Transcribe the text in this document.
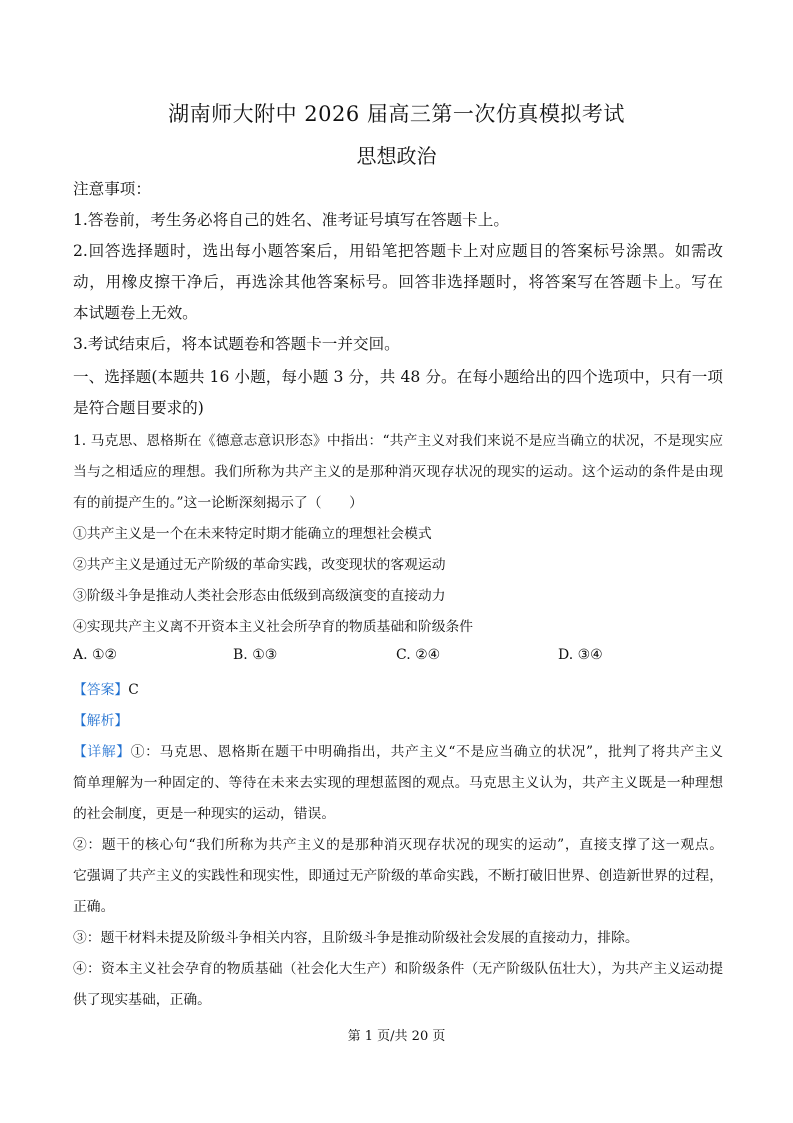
湖南师大附中 2026 届高三第一次仿真模拟考试
思想政治
注意事项：
1.答卷前，考生务必将自己的姓名、准考证号填写在答题卡上。
2.回答选择题时，选出每小题答案后，用铅笔把答题卡上对应题目的答案标号涂黑。如需改
动，用橡皮擦干净后，再选涂其他答案标号。回答非选择题时，将答案写在答题卡上。写在
本试题卷上无效。
3.考试结束后，将本试题卷和答题卡一并交回。
一、选择题(本题共 16 小题，每小题 3 分，共 48 分。在每小题给出的四个选项中，只有一项
是符合题目要求的)
1. 马克思、恩格斯在《德意志意识形态》中指出：“共产主义对我们来说不是应当确立的状况，不是现实应
当与之相适应的理想。我们所称为共产主义的是那种消灭现存状况的现实的运动。这个运动的条件是由现
有的前提产生的。”这一论断深刻揭示了（　　）
①共产主义是一个在未来特定时期才能确立的理想社会模式
②共产主义是通过无产阶级的革命实践，改变现状的客观运动
③阶级斗争是推动人类社会形态由低级到高级演变的直接动力
④实现共产主义离不开资本主义社会所孕育的物质基础和阶级条件
A. ①②	B. ①③	C. ②④	D. ③④
【答案】C
【解析】
【详解】①：马克思、恩格斯在题干中明确指出，共产主义“不是应当确立的状况”，批判了将共产主义
简单理解为一种固定的、等待在未来去实现的理想蓝图的观点。马克思主义认为，共产主义既是一种理想
的社会制度，更是一种现实的运动，错误。
②：题干的核心句“我们所称为共产主义的是那种消灭现存状况的现实的运动”，直接支撑了这一观点。
它强调了共产主义的实践性和现实性，即通过无产阶级的革命实践，不断打破旧世界、创造新世界的过程，
正确。
③：题干材料未提及阶级斗争相关内容，且阶级斗争是推动阶级社会发展的直接动力，排除。
④：资本主义社会孕育的物质基础（社会化大生产）和阶级条件（无产阶级队伍壮大），为共产主义运动提
供了现实基础，正确。
第 1 页/共 20 页
